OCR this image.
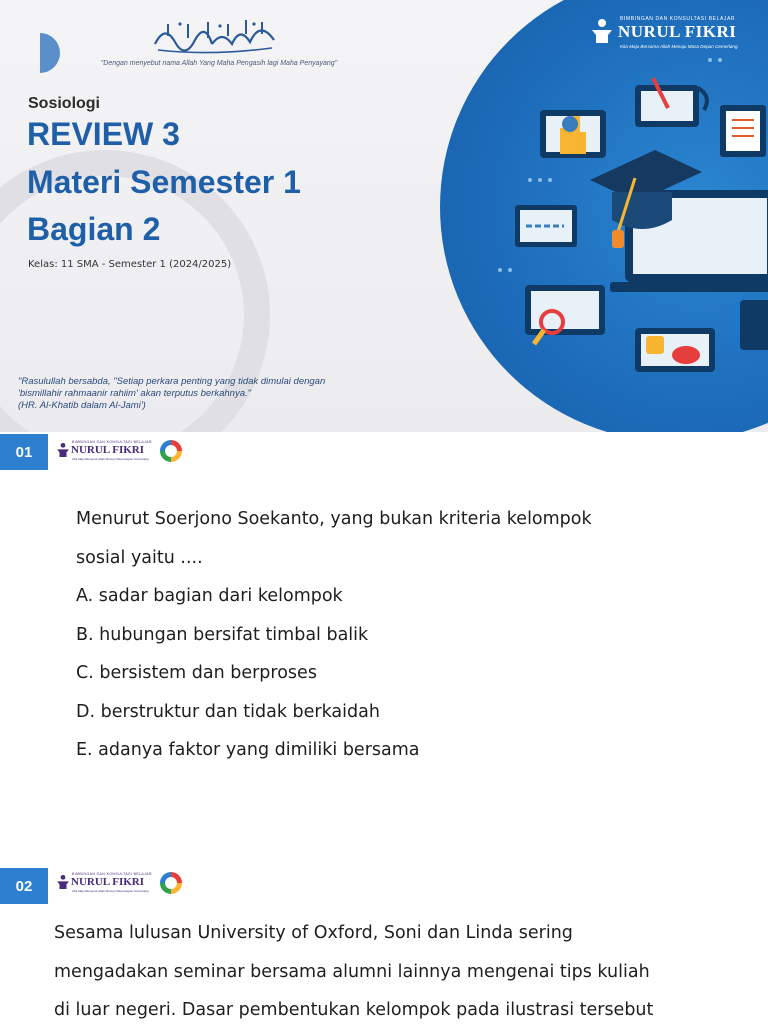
"Dengan menyebut nama Allah Yang Maha Pengasih lagi Maha Penyayang"
Sosiologi
REVIEW 3
Materi Semester 1
Bagian 2
Kelas: 11 SMA - Semester 1 (2024/2025)
"Rasulullah bersabda, "Setiap perkara penting yang tidak dimulai dengan
'bismillahir rahmaanir rahiim' akan terputus berkahnya."
(HR. Al-Khatib dalam Al-Jami')
BIMBINGAN DAN KONSULTASI BELAJAR
NURUL FIKRI
Kita Maju Bersama Allah Menuju Masa Depan Cemerlang
01
BIMBINGAN DAN KONSULTASI BELAJAR
NURUL FIKRI
Kita Maju Bersama Allah Menuju Masa Depan Cemerlang
Menurut Soerjono Soekanto, yang bukan kriteria kelompok
sosial yaitu ....
A. sadar bagian dari kelompok
B. hubungan bersifat timbal balik
C. bersistem dan berproses
D. berstruktur dan tidak berkaidah
E. adanya faktor yang dimiliki bersama
02
BIMBINGAN DAN KONSULTASI BELAJAR
NURUL FIKRI
Kita Maju Bersama Allah Menuju Masa Depan Cemerlang
Sesama lulusan University of Oxford, Soni dan Linda sering
mengadakan seminar bersama alumni lainnya mengenai tips kuliah
di luar negeri. Dasar pembentukan kelompok pada ilustrasi tersebut
